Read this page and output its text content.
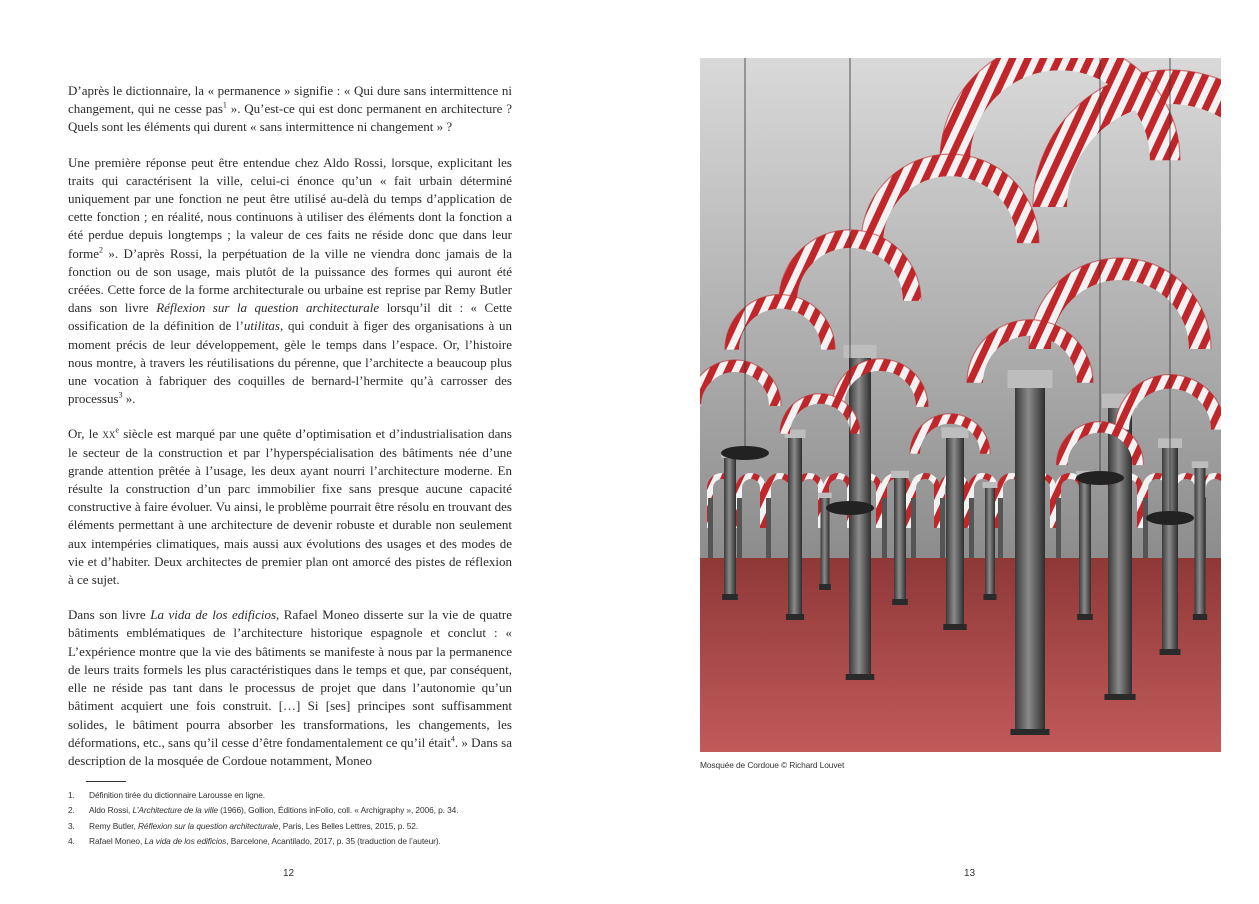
D’après le dictionnaire, la « permanence » signifie : « Qui dure sans intermittence ni changement, qui ne cesse pas$^1$ ». Qu’est-ce qui est donc permanent en architecture ? Quels sont les éléments qui durent « sans intermittence ni changement » ?

Une première réponse peut être entendue chez Aldo Rossi, lorsque, explicitant les traits qui caractérisent la ville, celui-ci énonce qu’un « fait urbain déterminé uniquement par une fonction ne peut être utilisé au-delà du temps d’application de cette fonction ; en réalité, nous continuons à utiliser des éléments dont la fonction a été perdue depuis longtemps ; la valeur de ces faits ne réside donc que dans leur forme$^2$ ». D’après Rossi, la perpétuation de la ville ne viendra donc jamais de la fonction ou de son usage, mais plutôt de la puissance des formes qui auront été créées. Cette force de la forme architecturale ou urbaine est reprise par Remy Butler dans son livre Réflexion sur la question architecturale lorsqu’il dit : « Cette ossification de la définition de l’utilitas, qui conduit à figer des organisations à un moment précis de leur développement, gèle le temps dans l’espace. Or, l’histoire nous montre, à travers les réutilisations du pérenne, que l’architecte a beaucoup plus une vocation à fabriquer des coquilles de bernard-l’hermite qu’à carrosser des processus$^3$ ».

Or, le $xx^e$ siècle est marqué par une quête d’optimisation et d’industrialisation dans le secteur de la construction et par l’hyperspécialisation des bâtiments née d’une grande attention prêtée à l’usage, les deux ayant nourri l’architecture moderne. En résulte la construction d’un parc immobilier fixe sans presque aucune capacité constructive à faire évoluer. Vu ainsi, le problème pourrait être résolu en trouvant des éléments permettant à une architecture de devenir robuste et durable non seulement aux intempéries climatiques, mais aussi aux évolutions des usages et des modes de vie et d’habiter. Deux architectes de premier plan ont amorcé des pistes de réflexion à ce sujet.

Dans son livre La vida de los edificios, Rafael Moneo disserte sur la vie de quatre bâtiments emblématiques de l’architecture historique espagnole et conclut : « L’expérience montre que la vie des bâtiments se manifeste à nous par la permanence de leurs traits formels les plus caractéristiques dans le temps et que, par conséquent, elle ne réside pas tant dans le processus de projet que dans l’autonomie qu’un bâtiment acquiert une fois construit. […] Si [ses] principes sont suffisamment solides, le bâtiment pourra absorber les transformations, les changements, les déformations, etc., sans qu’il cesse d’être fondamentalement ce qu’il était$^4$. » Dans sa description de la mosquée de Cordoue notamment, Moneo

1.	Définition tirée du dictionnaire Larousse en ligne.
2.	Aldo Rossi, L’Architecture de la ville (1966), Gollion, Éditions inFolio, coll. « Archigraphy », 2006, p. 34.
3.	Remy Butler, Réflexion sur la question architecturale, Paris, Les Belles Lettres, 2015, p. 52.
4.	Rafael Moneo, La vida de los edificios, Barcelone, Acantilado, 2017, p. 35 (traduction de l’auteur).
12
Mosquée de Cordoue © Richard Louvet
13
